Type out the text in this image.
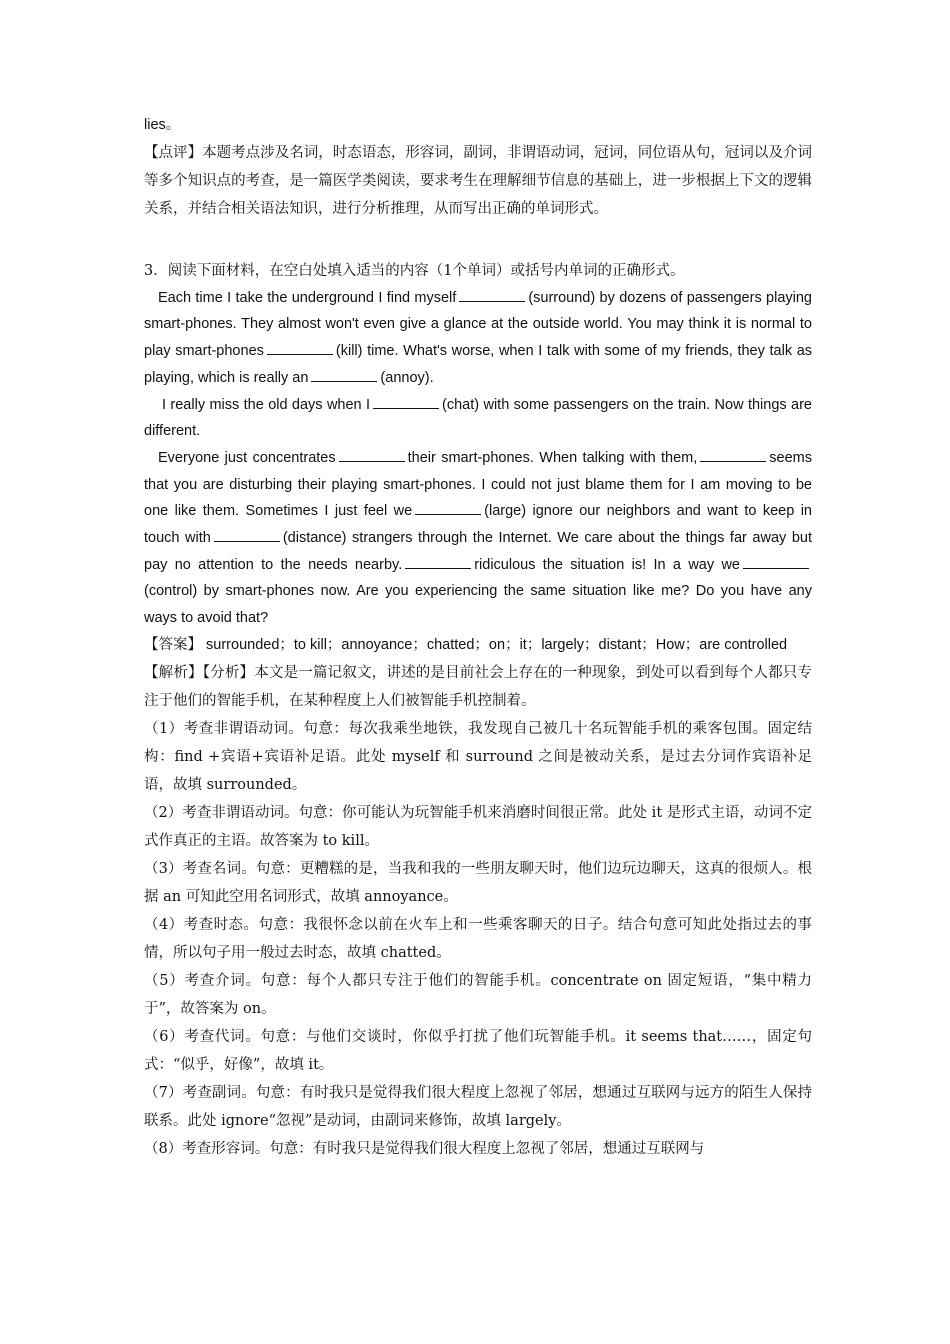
lies。

【点评】本题考点涉及名词，时态语态，形容词，副词，非谓语动词，冠词，同位语从句，冠词以及介词等多个知识点的考查，是一篇医学类阅读，要求考生在理解细节信息的基础上，进一步根据上下文的逻辑关系，并结合相关语法知识，进行分析推理，从而写出正确的单词形式。

3．阅读下面材料，在空白处填入适当的内容（1个单词）或括号内单词的正确形式。

Each time I take the underground I find myself	(surround) by dozens of passengers playing smart-phones. They almost won't even give a glance at the outside world. You may think it is normal to play smart-phones	(kill) time. What's worse, when I talk with some of my friends, they talk as playing, which is really an	(annoy).

I really miss the old days when I	(chat) with some passengers on the train. Now things are different.

Everyone just concentrates	their smart-phones. When talking with them,	seems that you are disturbing their playing smart-phones. I could not just blame them for I am moving to be one like them. Sometimes I just feel we	(large) ignore our neighbors and want to keep in touch with	(distance) strangers through the Internet. We care about the things far away but pay no attention to the needs nearby.	ridiculous the situation is! In a way we(control) by smart-phones now. Are you experiencing the same situation like me? Do you have any ways to avoid that?

【答案】 surrounded；to kill；annoyance；chatted；on；it；largely；distant；How；are controlled

【解析】【分析】本文是一篇记叙文，讲述的是目前社会上存在的一种现象，到处可以看到每个人都只专注于他们的智能手机，在某种程度上人们被智能手机控制着。

（1）考查非谓语动词。句意：每次我乘坐地铁，我发现自己被几十名玩智能手机的乘客包围。固定结构：find +宾语+宾语补足语。此处 myself 和 surround 之间是被动关系，是过去分词作宾语补足语，故填 surrounded。

（2）考查非谓语动词。句意：你可能认为玩智能手机来消磨时间很正常。此处 it 是形式主语，动词不定式作真正的主语。故答案为 to kill。

（3）考查名词。句意：更糟糕的是，当我和我的一些朋友聊天时，他们边玩边聊天，这真的很烦人。根据 an 可知此空用名词形式，故填 annoyance。

（4）考查时态。句意：我很怀念以前在火车上和一些乘客聊天的日子。结合句意可知此处指过去的事情，所以句子用一般过去时态，故填 chatted。

（5）考查介词。句意：每个人都只专注于他们的智能手机。concentrate on 固定短语，“集中精力于”，故答案为 on。

（6）考查代词。句意：与他们交谈时，你似乎打扰了他们玩智能手机。it seems that……，固定句式：“似乎，好像”，故填 it。

（7）考查副词。句意：有时我只是觉得我们很大程度上忽视了邻居，想通过互联网与远方的陌生人保持联系。此处 ignore“忽视”是动词，由副词来修饰，故填 largely。

（8）考查形容词。句意：有时我只是觉得我们很大程度上忽视了邻居，想通过互联网与
